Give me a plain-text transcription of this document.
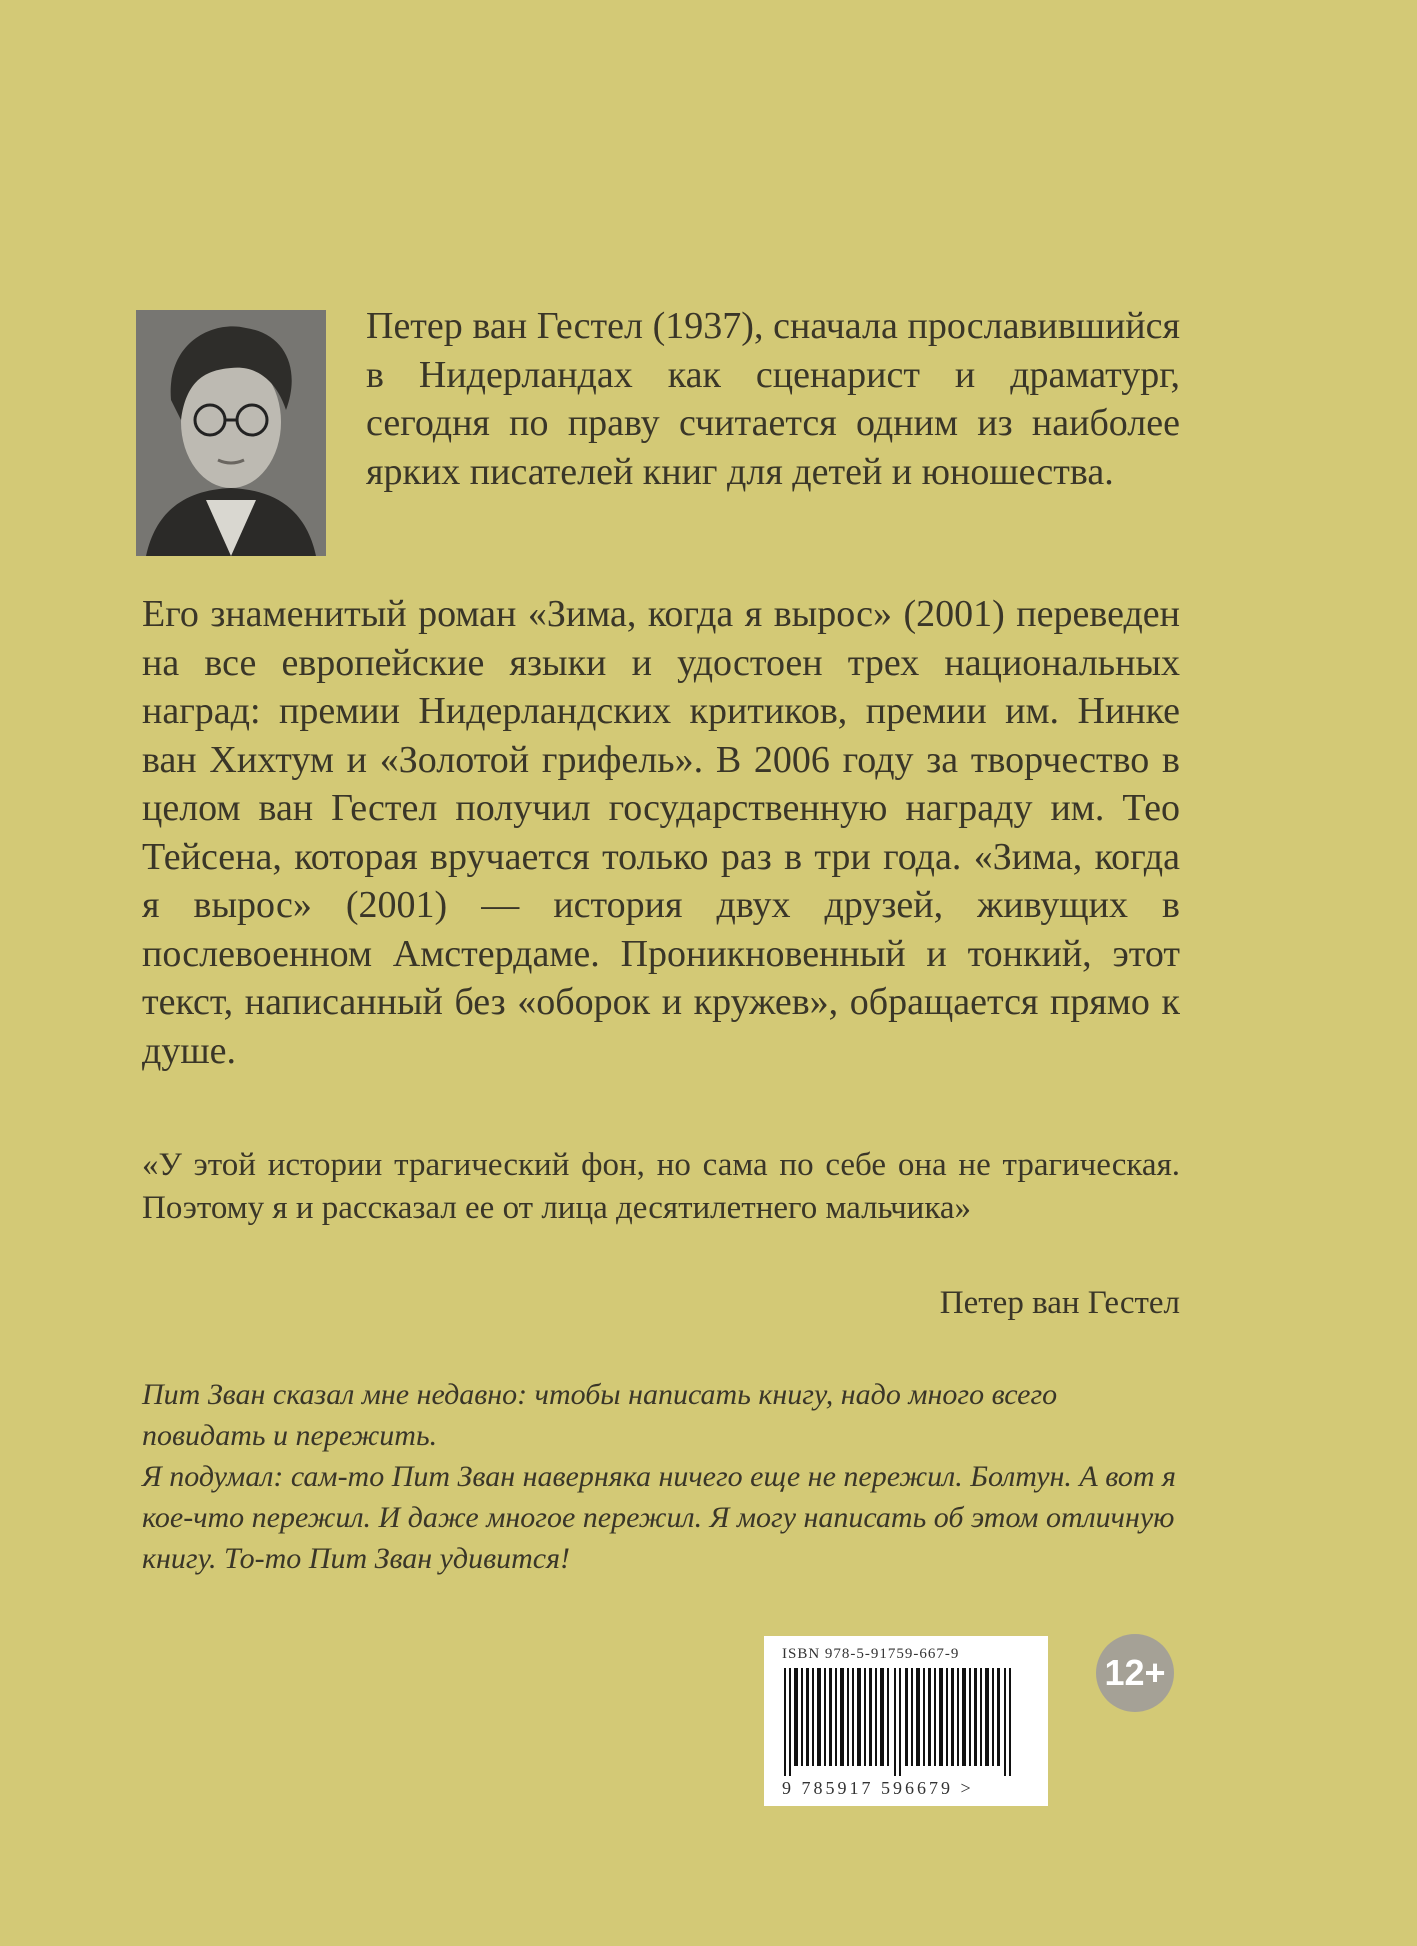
Петер ван Гестел (1937), сначала прославившийся в Нидерландах как сценарист и драматург, сегодня по праву считается одним из наиболее ярких писателей книг для детей и юношества.

Его знаменитый роман «Зима, когда я вырос» (2001) переведен на все европейские языки и удостоен трех национальных наград: премии Нидерландских критиков, премии им. Нинке ван Хихтум и «Золотой грифель». В 2006 году за творчество в целом ван Гестел получил государственную награду им. Тео Тейсена, которая вручается только раз в три года. «Зима, когда я вырос» (2001) — история двух друзей, живущих в послевоенном Амстердаме. Проникновенный и тонкий, этот текст, написанный без «оборок и кружев», обращается прямо к душе.

«У этой истории трагический фон, но сама по себе она не трагическая. Поэтому я и рассказал ее от лица десятилетнего мальчика»

Петер ван Гестел

Пит Зван сказал мне недавно: чтобы написать книгу, надо много всего повидать и пережить.
Я подумал: сам-то Пит Зван наверняка ничего еще не пережил. Болтун. А вот я кое-что пережил. И даже многое пережил. Я могу написать об этом отличную книгу. То-то Пит Зван удивится!
ISBN 978-5-91759-667-9
9 785917 596679 >
12+
